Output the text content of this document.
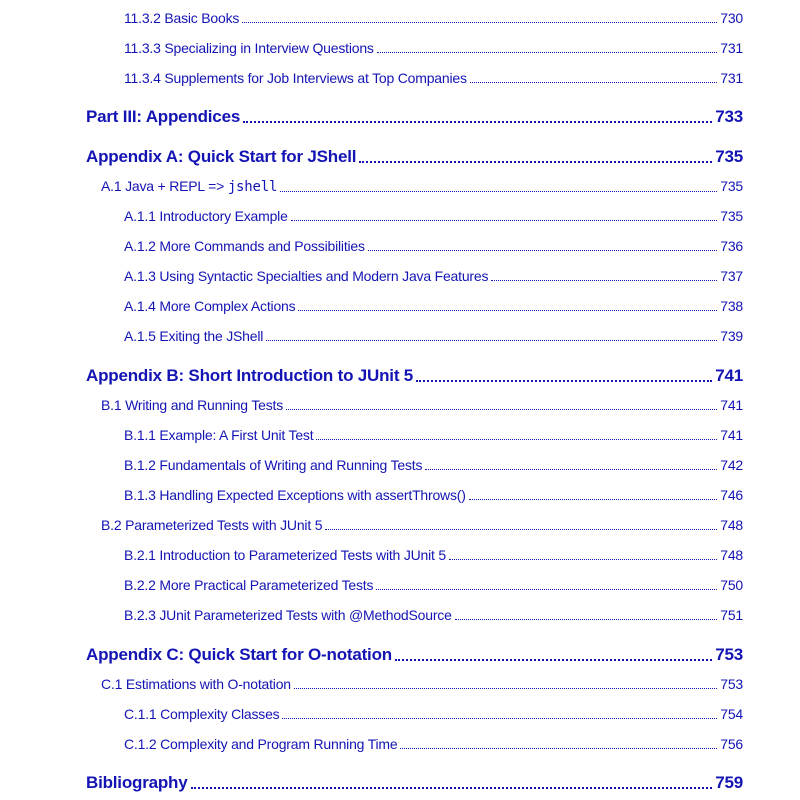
11.3.2 Basic Books	730
11.3.3 Specializing in Interview Questions	731
11.3.4 Supplements for Job Interviews at Top Companies	731
Part III: Appendices	733
Appendix A: Quick Start for JShell	735
A.1 Java + REPL => jshell	735
A.1.1 Introductory Example	735
A.1.2 More Commands and Possibilities	736
A.1.3 Using Syntactic Specialties and Modern Java Features	737
A.1.4 More Complex Actions	738
A.1.5 Exiting the JShell	739
Appendix B: Short Introduction to JUnit 5	741
B.1 Writing and Running Tests	741
B.1.1 Example: A First Unit Test	741
B.1.2 Fundamentals of Writing and Running Tests	742
B.1.3 Handling Expected Exceptions with assertThrows()	746
B.2 Parameterized Tests with JUnit 5	748
B.2.1 Introduction to Parameterized Tests with JUnit 5	748
B.2.2 More Practical Parameterized Tests	750
B.2.3 JUnit Parameterized Tests with @MethodSource	751
Appendix C: Quick Start for O-notation	753
C.1 Estimations with O-notation	753
C.1.1 Complexity Classes	754
C.1.2 Complexity and Program Running Time	756
Bibliography	759
